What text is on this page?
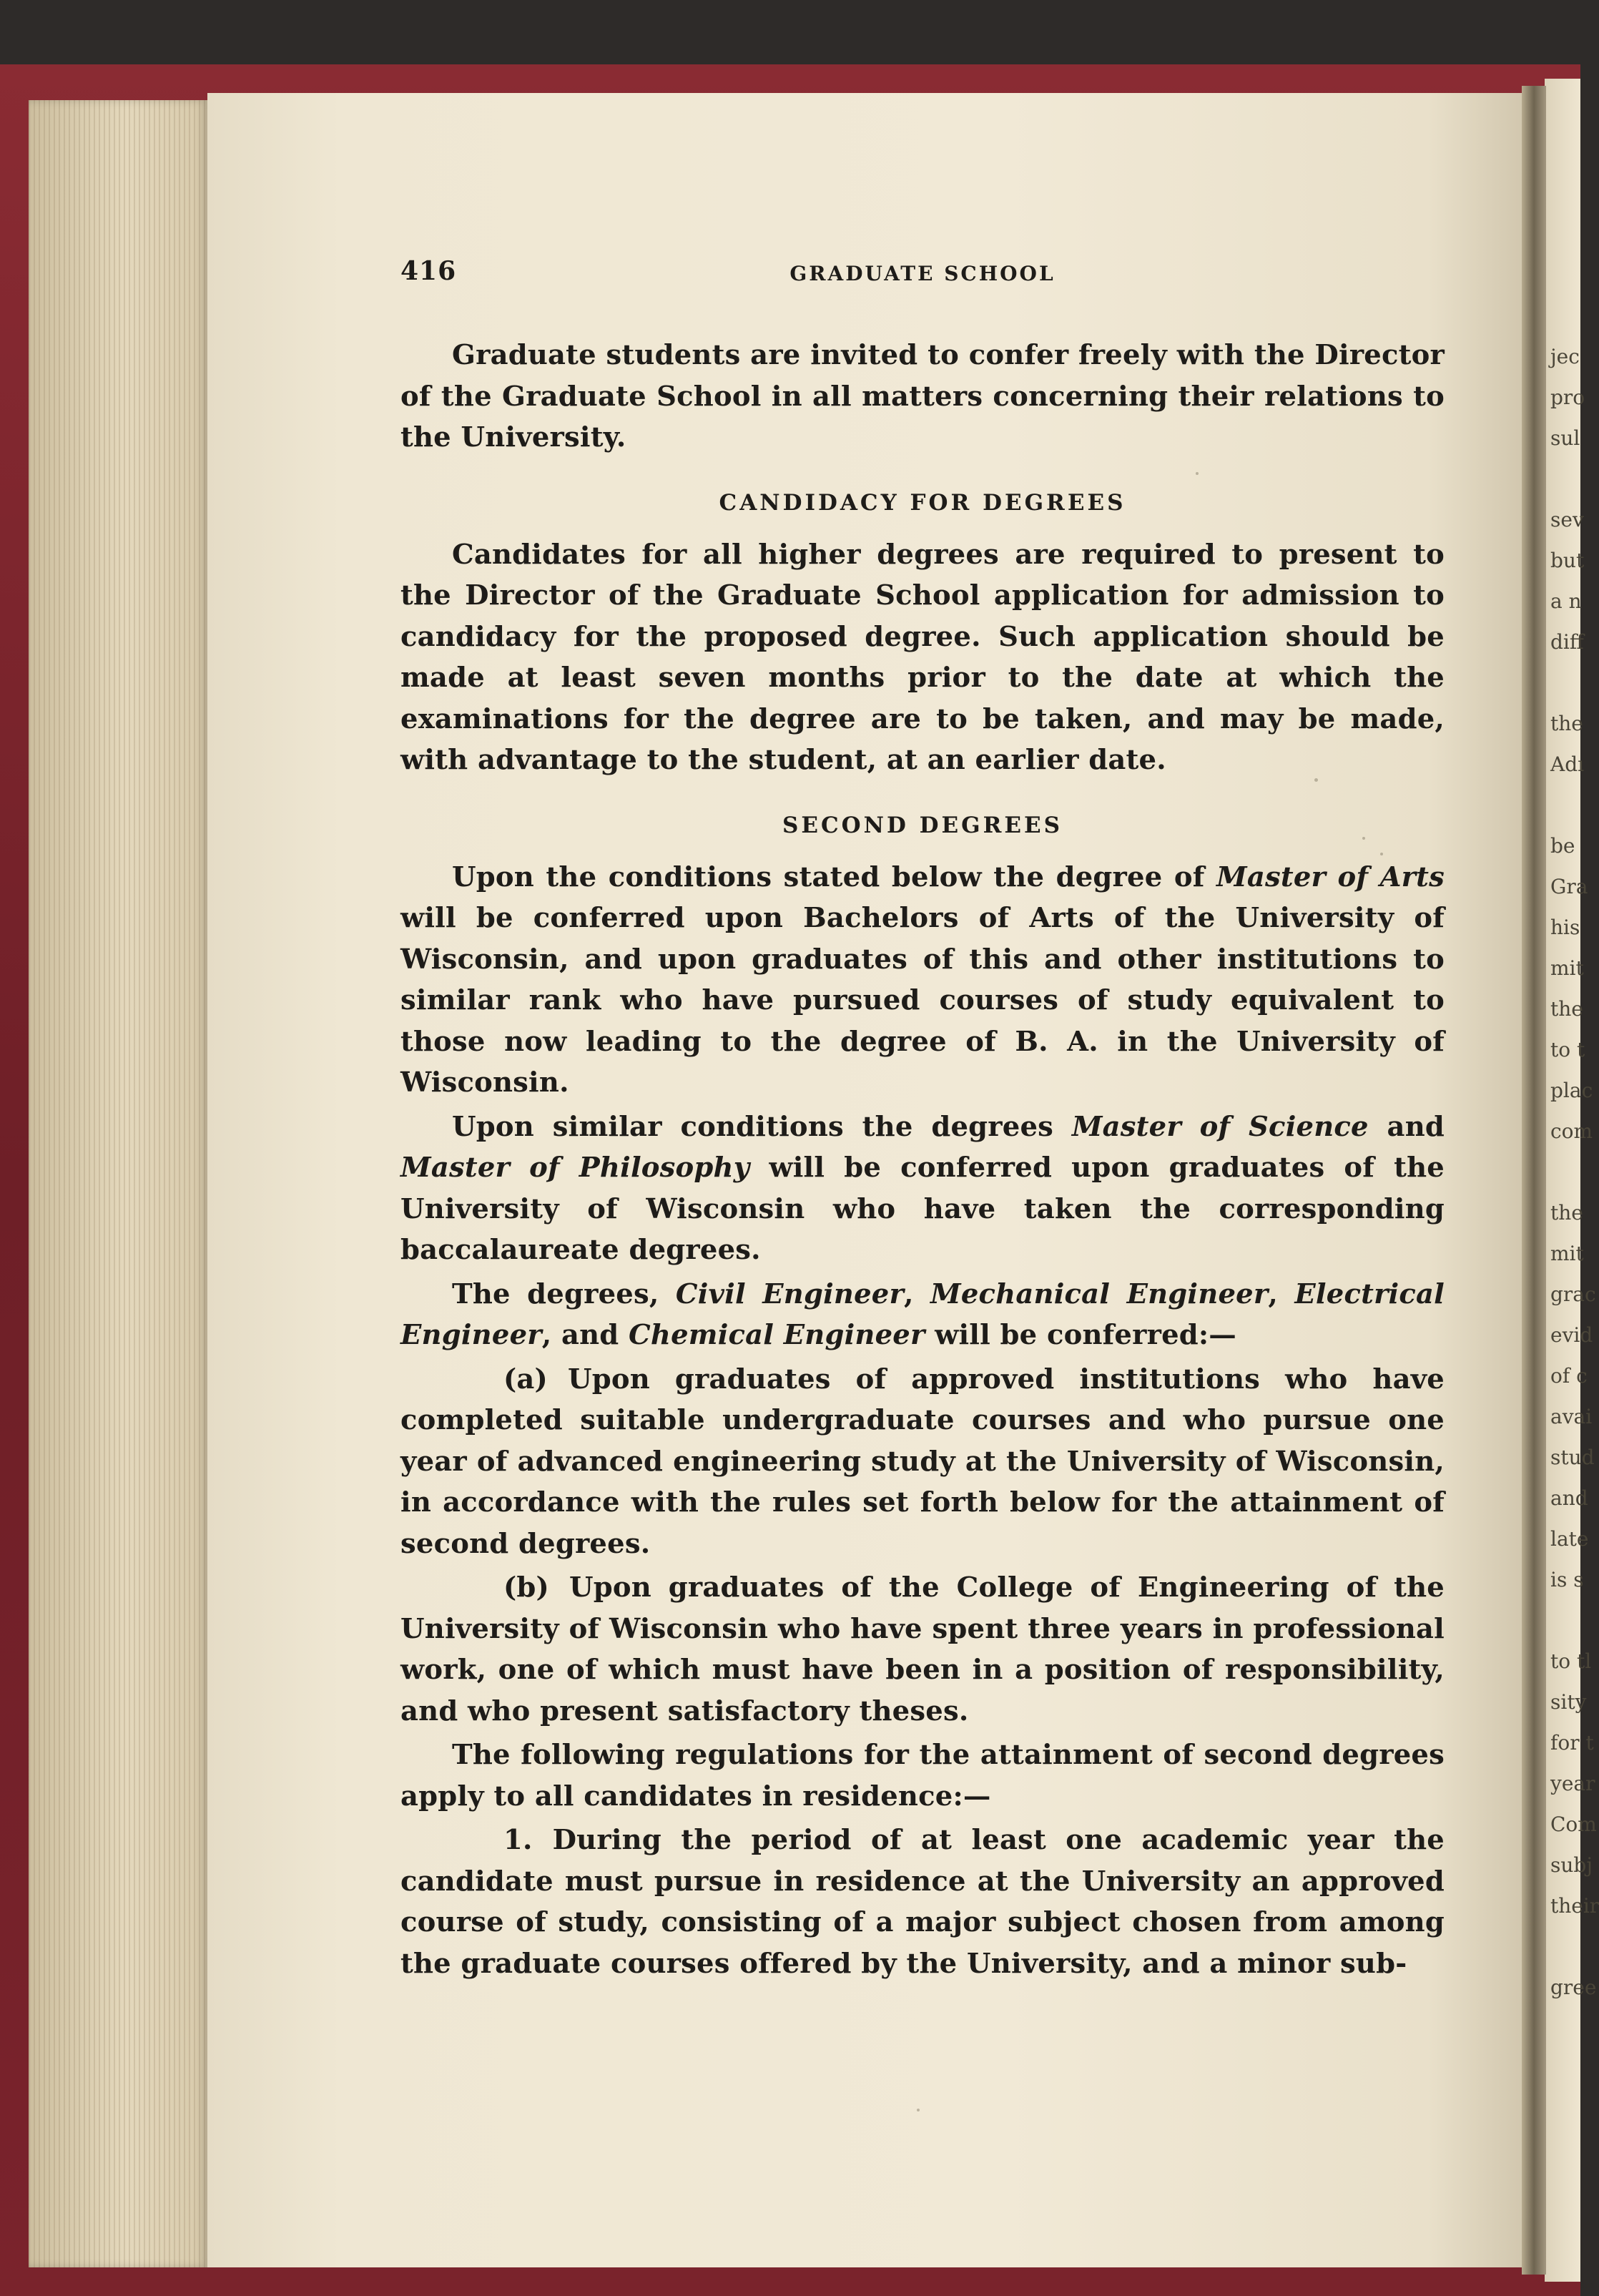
jec
pro
sul

sev
but
a n
diff

the
Adı

be
Gra
his
mit
the
to t
plac
com

the
mit
grac
evid
of c
avai
stud
and
late
is s

to tl
sity
for t
year
Com
subj
their

gree
416	GRADUATE SCHOOL

Graduate students are invited to confer freely with the Director of the Graduate School in all matters concerning their relations to the University.

CANDIDACY FOR DEGREES

Candidates for all higher degrees are required to present to the Director of the Graduate School application for admission to candidacy for the proposed degree. Such application should be made at least seven months prior to the date at which the examinations for the degree are to be taken, and may be made, with advantage to the student, at an earlier date.

SECOND DEGREES

Upon the conditions stated below the degree of Master of Arts will be conferred upon Bachelors of Arts of the University of Wisconsin, and upon graduates of this and other institutions to similar rank who have pursued courses of study equivalent to those now leading to the degree of B. A. in the University of Wisconsin.

Upon similar conditions the degrees Master of Science and Master of Philosophy will be conferred upon graduates of the University of Wisconsin who have taken the corresponding baccalaureate degrees.

The degrees, Civil Engineer, Mechanical Engineer, Electrical Engineer, and Chemical Engineer will be conferred:—

(a) Upon graduates of approved institutions who have completed suitable undergraduate courses and who pursue one year of advanced engineering study at the University of Wisconsin, in accordance with the rules set forth below for the attainment of second degrees.

(b) Upon graduates of the College of Engineering of the University of Wisconsin who have spent three years in professional work, one of which must have been in a position of responsibility, and who present satisfactory theses.

The following regulations for the attainment of second degrees apply to all candidates in residence:—

1. During the period of at least one academic year the candidate must pursue in residence at the University an approved course of study, consisting of a major subject chosen from among the graduate courses offered by the University, and a minor sub-
